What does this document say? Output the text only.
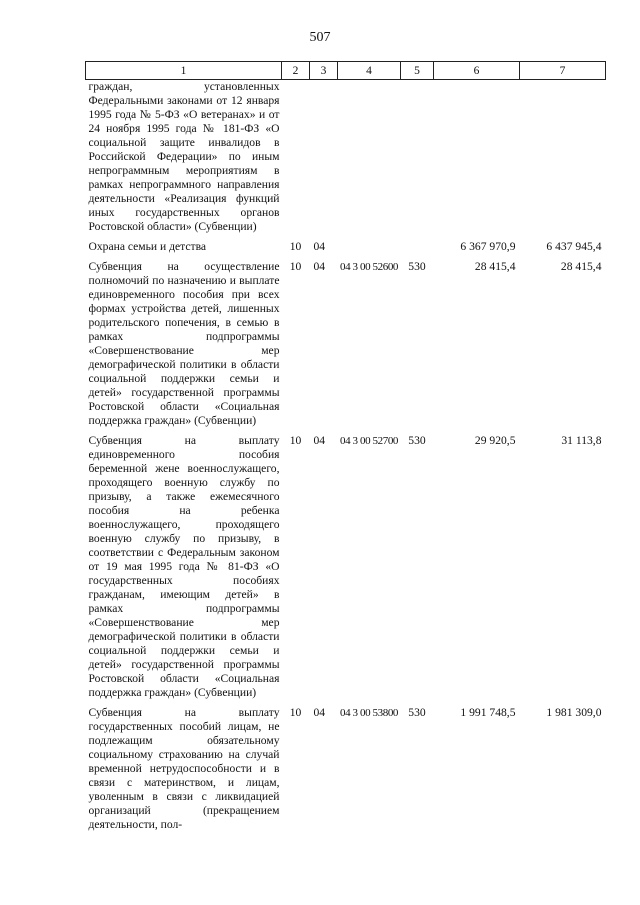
507
1	2	3	4	5	6	7
граждан, установленных Федеральными законами от 12 января 1995 года № 5-ФЗ «О ветеранах» и от 24 ноября 1995 года № 181-ФЗ «О социальной защите инвалидов в Российской Федерации» по иным непрограммным мероприятиям в рамках непрограммного направления деятельности «Реализация функций иных государственных органов Ростовской области» (Субвенции)						
Охрана семьи и детства	10	04			6 367 970,9	6 437 945,4
Субвенция на осуществление полномочий по назначению и выплате единовременного пособия при всех формах устройства детей, лишенных родительского попечения, в семью в рамках подпрограммы «Совершенствование мер демографической политики в области социальной поддержки семьи и детей» государственной программы Ростовской области «Социальная поддержка граждан» (Субвенции)	10	04	04 3 00 52600	530	28 415,4	28 415,4
Субвенция на выплату единовременного пособия беременной жене военнослужащего, проходящего военную службу по призыву, а также ежемесячного пособия на ребенка военнослужащего, проходящего военную службу по призыву, в соответствии с Федеральным законом от 19 мая 1995 года № 81-ФЗ «О государственных пособиях гражданам, имеющим детей» в рамках подпрограммы «Совершенствование мер демографической политики в области социальной поддержки семьи и детей» государственной программы Ростовской области «Социальная поддержка граждан» (Субвенции)	10	04	04 3 00 52700	530	29 920,5	31 113,8
Субвенция на выплату государственных пособий лицам, не подлежащим обязательному социальному страхованию на случай временной нетрудоспособности и в связи с материнством, и лицам, уволенным в связи с ликвидацией организаций (прекращением деятельности, пол-	10	04	04 3 00 53800	530	1 991 748,5	1 981 309,0
